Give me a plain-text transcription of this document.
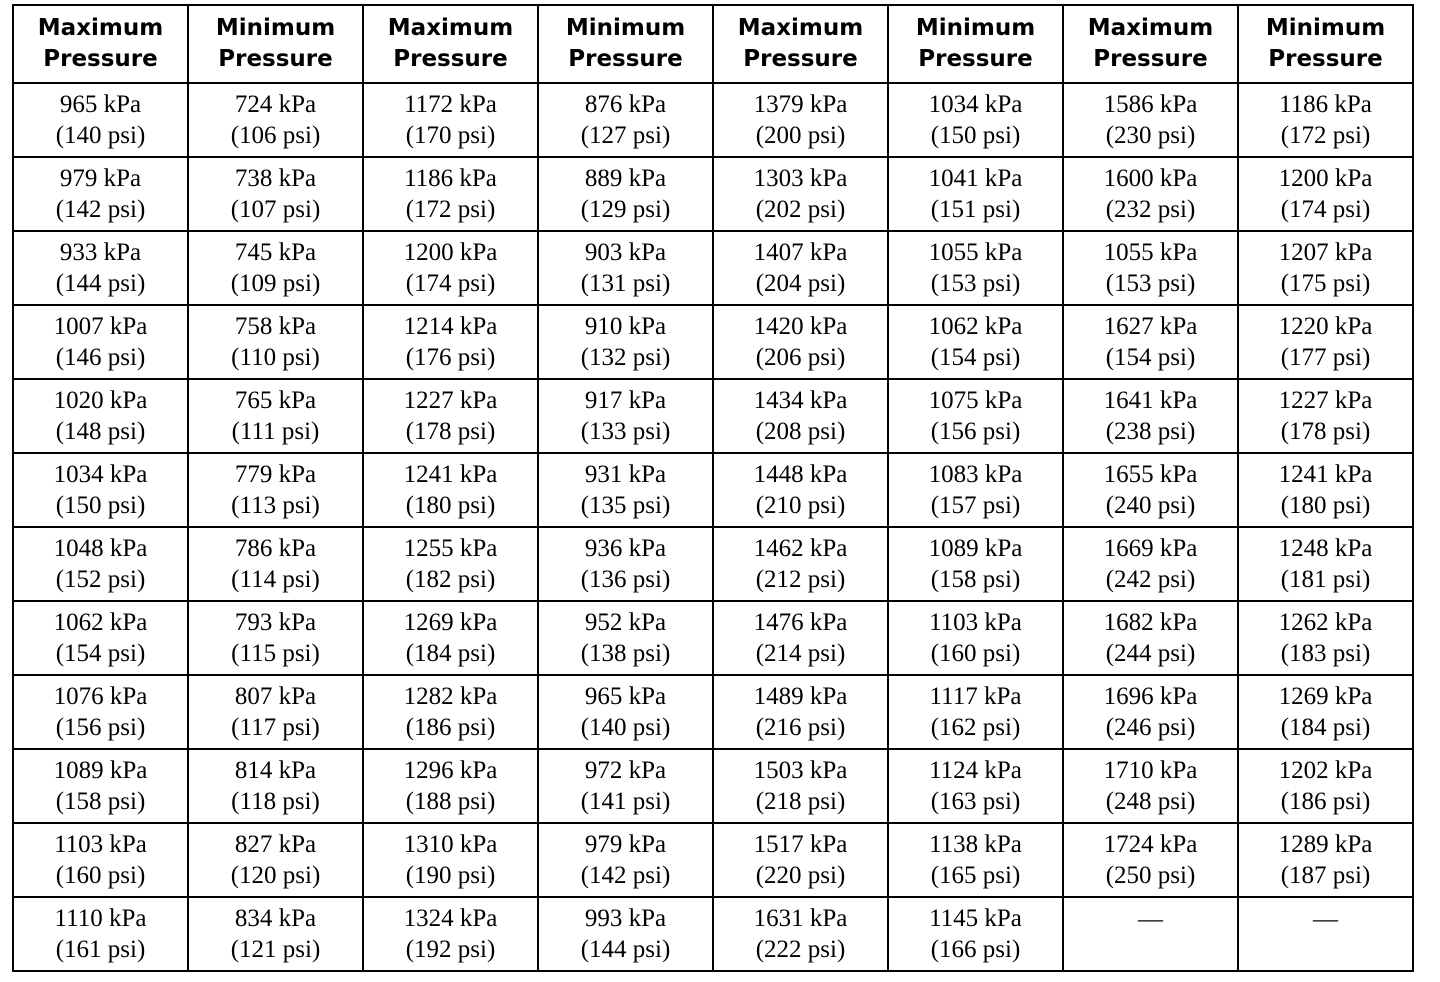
Maximum
Pressure	Minimum
Pressure	Maximum
Pressure	Minimum
Pressure	Maximum
Pressure	Minimum
Pressure	Maximum
Pressure	Minimum
Pressure

965 kPa
(140 psi)	724 kPa
(106 psi)	1172 kPa
(170 psi)	876 kPa
(127 psi)	1379 kPa
(200 psi)	1034 kPa
(150 psi)	1586 kPa
(230 psi)	1186 kPa
(172 psi)

979 kPa
(142 psi)	738 kPa
(107 psi)	1186 kPa
(172 psi)	889 kPa
(129 psi)	1303 kPa
(202 psi)	1041 kPa
(151 psi)	1600 kPa
(232 psi)	1200 kPa
(174 psi)

933 kPa
(144 psi)	745 kPa
(109 psi)	1200 kPa
(174 psi)	903 kPa
(131 psi)	1407 kPa
(204 psi)	1055 kPa
(153 psi)	1055 kPa
(153 psi)	1207 kPa
(175 psi)

1007 kPa
(146 psi)	758 kPa
(110 psi)	1214 kPa
(176 psi)	910 kPa
(132 psi)	1420 kPa
(206 psi)	1062 kPa
(154 psi)	1627 kPa
(154 psi)	1220 kPa
(177 psi)

1020 kPa
(148 psi)	765 kPa
(111 psi)	1227 kPa
(178 psi)	917 kPa
(133 psi)	1434 kPa
(208 psi)	1075 kPa
(156 psi)	1641 kPa
(238 psi)	1227 kPa
(178 psi)

1034 kPa
(150 psi)	779 kPa
(113 psi)	1241 kPa
(180 psi)	931 kPa
(135 psi)	1448 kPa
(210 psi)	1083 kPa
(157 psi)	1655 kPa
(240 psi)	1241 kPa
(180 psi)

1048 kPa
(152 psi)	786 kPa
(114 psi)	1255 kPa
(182 psi)	936 kPa
(136 psi)	1462 kPa
(212 psi)	1089 kPa
(158 psi)	1669 kPa
(242 psi)	1248 kPa
(181 psi)

1062 kPa
(154 psi)	793 kPa
(115 psi)	1269 kPa
(184 psi)	952 kPa
(138 psi)	1476 kPa
(214 psi)	1103 kPa
(160 psi)	1682 kPa
(244 psi)	1262 kPa
(183 psi)

1076 kPa
(156 psi)	807 kPa
(117 psi)	1282 kPa
(186 psi)	965 kPa
(140 psi)	1489 kPa
(216 psi)	1117 kPa
(162 psi)	1696 kPa
(246 psi)	1269 kPa
(184 psi)

1089 kPa
(158 psi)	814 kPa
(118 psi)	1296 kPa
(188 psi)	972 kPa
(141 psi)	1503 kPa
(218 psi)	1124 kPa
(163 psi)	1710 kPa
(248 psi)	1202 kPa
(186 psi)

1103 kPa
(160 psi)	827 kPa
(120 psi)	1310 kPa
(190 psi)	979 kPa
(142 psi)	1517 kPa
(220 psi)	1138 kPa
(165 psi)	1724 kPa
(250 psi)	1289 kPa
(187 psi)

1110 kPa
(161 psi)	834 kPa
(121 psi)	1324 kPa
(192 psi)	993 kPa
(144 psi)	1631 kPa
(222 psi)	1145 kPa
(166 psi)	—	—
